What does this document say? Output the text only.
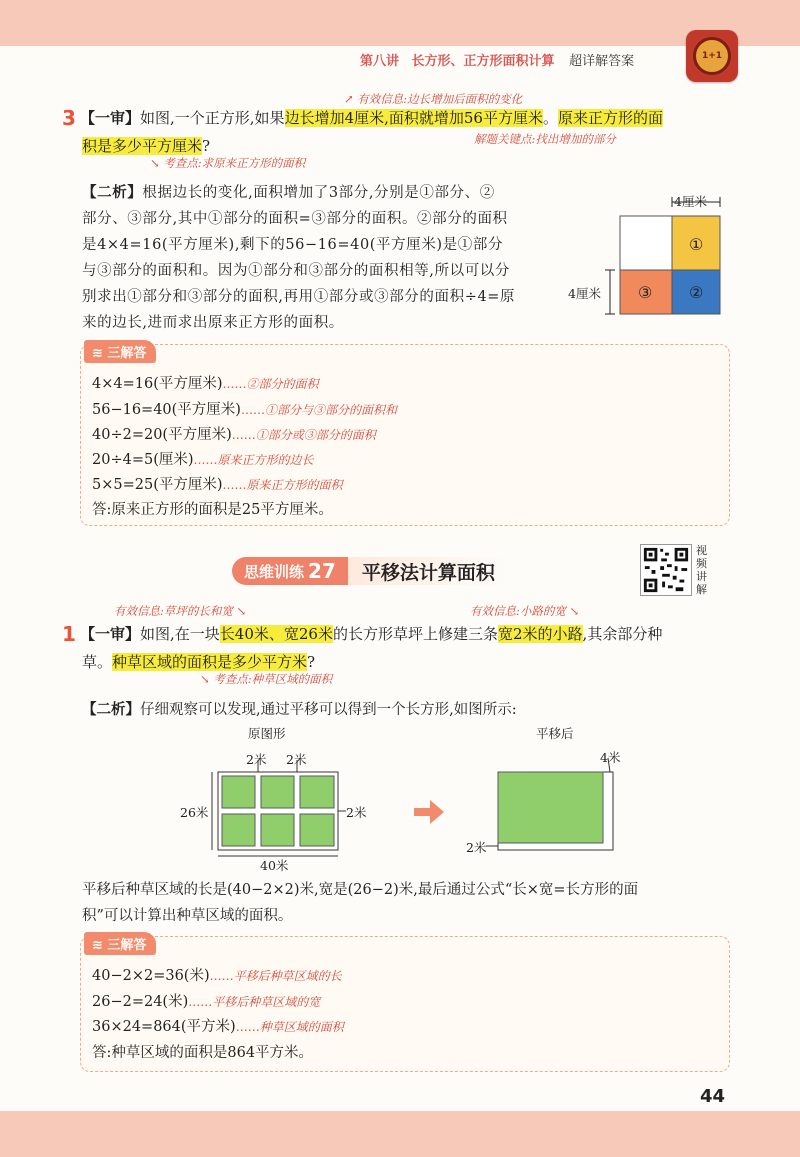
第八讲 长方形、正方形面积计算 超详解答案	1+1
↗ 有效信息:边长增加后面积的变化
3 【一审】如图,一个正方形,如果边长增加4厘米,面积就增加56平方厘米。原来正方形的面
积是多少平方厘米?	解题关键点:找出增加的部分
↘ 考查点:求原来正方形的面积
【二析】根据边长的变化,面积增加了3部分,分别是①部分、②
部分、③部分,其中①部分的面积=③部分的面积。②部分的面积
是4×4=16(平方厘米),剩下的56−16=40(平方厘米)是①部分
与③部分的面积和。因为①部分和③部分的面积相等,所以可以分
别求出①部分和③部分的面积,再用①部分或③部分的面积÷4=原
来的边长,进而求出原来正方形的面积。
4厘米
4厘米
①
②
③
≋ 三解答
4×4=16(平方厘米)……②部分的面积
56−16=40(平方厘米)……①部分与③部分的面积和
40÷2=20(平方厘米)……①部分或③部分的面积
20÷4=5(厘米)……原来正方形的边长
5×5=25(平方厘米)……原来正方形的面积
答:原来正方形的面积是25平方厘米。
思维训练 27	平移法计算面积
视频讲解
有效信息:草坪的长和宽 ↘	有效信息:小路的宽 ↘
1 【一审】如图,在一块长40米、宽26米的长方形草坪上修建三条宽2米的小路,其余部分种
草。种草区域的面积是多少平方米?
↘ 考查点:种草区域的面积
【二析】仔细观察可以发现,通过平移可以得到一个长方形,如图所示:
原图形	平移后
2米 2米
2米
26米
40米
4米
2米
平移后种草区域的长是(40−2×2)米,宽是(26−2)米,最后通过公式“长×宽=长方形的面
积”可以计算出种草区域的面积。
≋ 三解答
40−2×2=36(米)……平移后种草区域的长
26−2=24(米)……平移后种草区域的宽
36×24=864(平方米)……种草区域的面积
答:种草区域的面积是864平方米。
44
